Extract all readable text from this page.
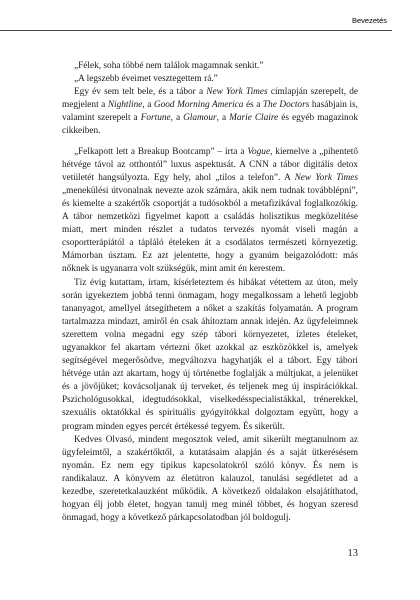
Bevezetés

„Félek, soha többé nem találok magamnak senkit.”

„A legszebb éveimet vesztegettem rá.”

Egy év sem telt bele, és a tábor a New York Times címlapján szerepelt, de megjelent a Nightline, a Good Morning America és a The Doctors hasábjain is, valamint szerepelt a Fortune, a Glamour, a Marie Claire és egyéb magazinok cikkeiben.

„Felkapott lett a Breakup Bootcamp” – írta a Vogue, kiemelve a „pihentető hétvége távol az otthontól” luxus aspektusát. A CNN a tábor digitális detox vetületét hangsúlyozta. Egy hely, ahol „tilos a telefon”. A New York Times „menekülési útvonalnak nevezte azok számára, akik nem tudnak továbblépni”, és kiemelte a szakértők csoportját a tudósokból a metafizikával foglalkozókig. A tábor nemzetközi figyelmet kapott a családás holisztikus megközelítése miatt, mert minden részlet a tudatos tervezés nyomát viseli magán a csoportterápiától a tápláló ételeken át a csodálatos természeti környezetig. Mámorban úsztam. Ez azt jelentette, hogy a gyanúm beigazolódott: más nőknek is ugyanarra volt szükségük, mint amit én kerestem.

Tíz évig kutattam, írtam, kísérleteztem és hibákat vétettem az úton, mely során igyekeztem jobbá tenni önmagam, hogy megalkossam a lehető legjobb tananyagot, amellyel átsegíthetem a nőket a szakítás folyamatán. A program tartalmazza mindazt, amiről én csak áhítoztam annak idején. Az ügyfeleimnek szerettem volna megadni egy szép tábori környezetet, ízletes ételeket, ugyanakkor fel akartam vértezni őket azokkal az eszközökkel is, amelyek segítségével megerősödve, megváltozva hagyhatják el a tábort. Egy tábori hétvége után azt akartam, hogy új történetbe foglalják a múltjukat, a jelenüket és a jövőjüket; kovácsoljanak új terveket, és teljenek meg új inspirációkkal. Pszichológusokkal, idegtudósokkal, viselkedésspecialistákkal, trénerekkel, szexuális oktatókkal és spirituális gyógyítókkal dolgoztam együtt, hogy a program minden egyes percét értékessé tegyem. És sikerült.

Kedves Olvasó, mindent megosztok veled, amit sikerült megtanulnom az ügyfeleimtől, a szakértőktől, a kutatásaim alapján és a saját ütkerésésem nyomán. Ez nem egy tipikus kapcsolatokról szóló könyv. És nem is randikalauz. A könyvem az életútron kalauzol, tanulási segédletet ad a kezedbe, szeretetkalauzként működik. A következő oldalakon elsajátíthatod, hogyan élj jobb életet, hogyan tanulj meg minél többet, és hogyan szeresd önmagad, hogy a következő párkapcsolatodban jól boldogulj.

13
